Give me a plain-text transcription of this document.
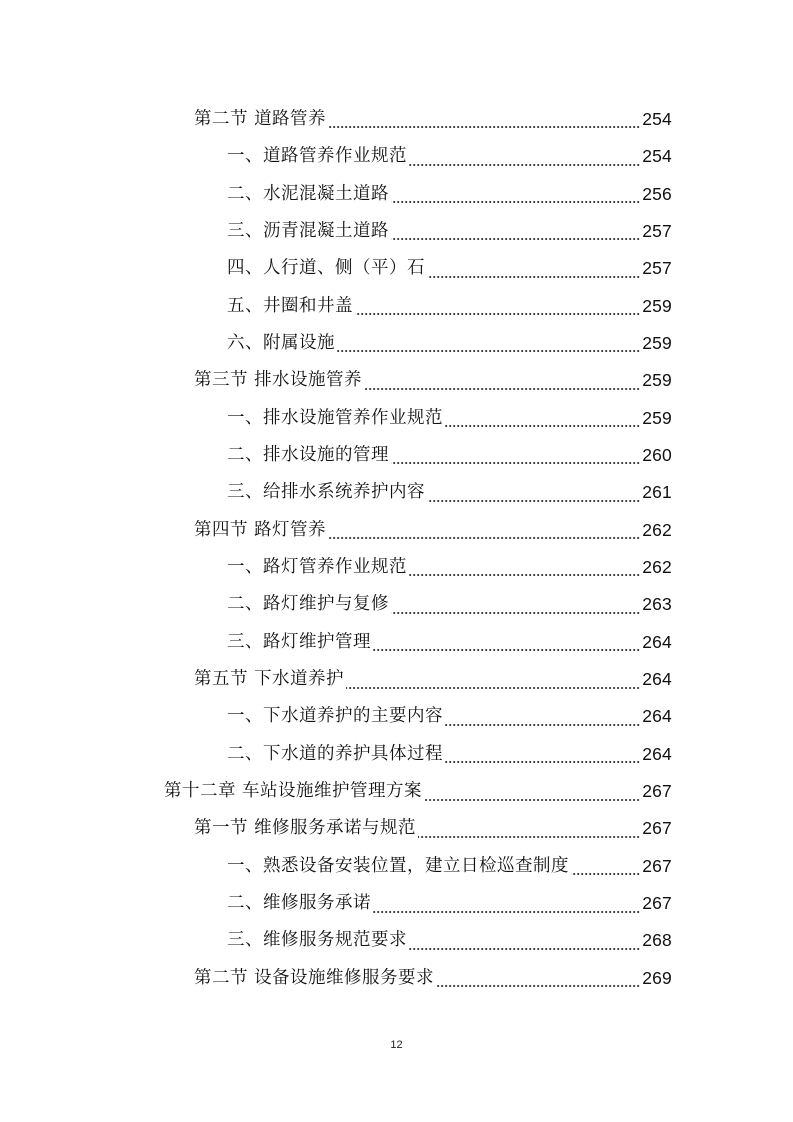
第二节 道路管养	254
一、道路管养作业规范	254
二、水泥混凝土道路	256
三、沥青混凝土道路	257
四、人行道、侧（平）石	257
五、井圈和井盖	259
六、附属设施	259
第三节 排水设施管养	259
一、排水设施管养作业规范	259
二、排水设施的管理	260
三、给排水系统养护内容	261
第四节 路灯管养	262
一、路灯管养作业规范	262
二、路灯维护与复修	263
三、路灯维护管理	264
第五节 下水道养护	264
一、下水道养护的主要内容	264
二、下水道的养护具体过程	264
第十二章 车站设施维护管理方案	267
第一节 维修服务承诺与规范	267
一、熟悉设备安装位置，建立日检巡查制度	267
二、维修服务承诺	267
三、维修服务规范要求	268
第二节 设备设施维修服务要求	269
12
